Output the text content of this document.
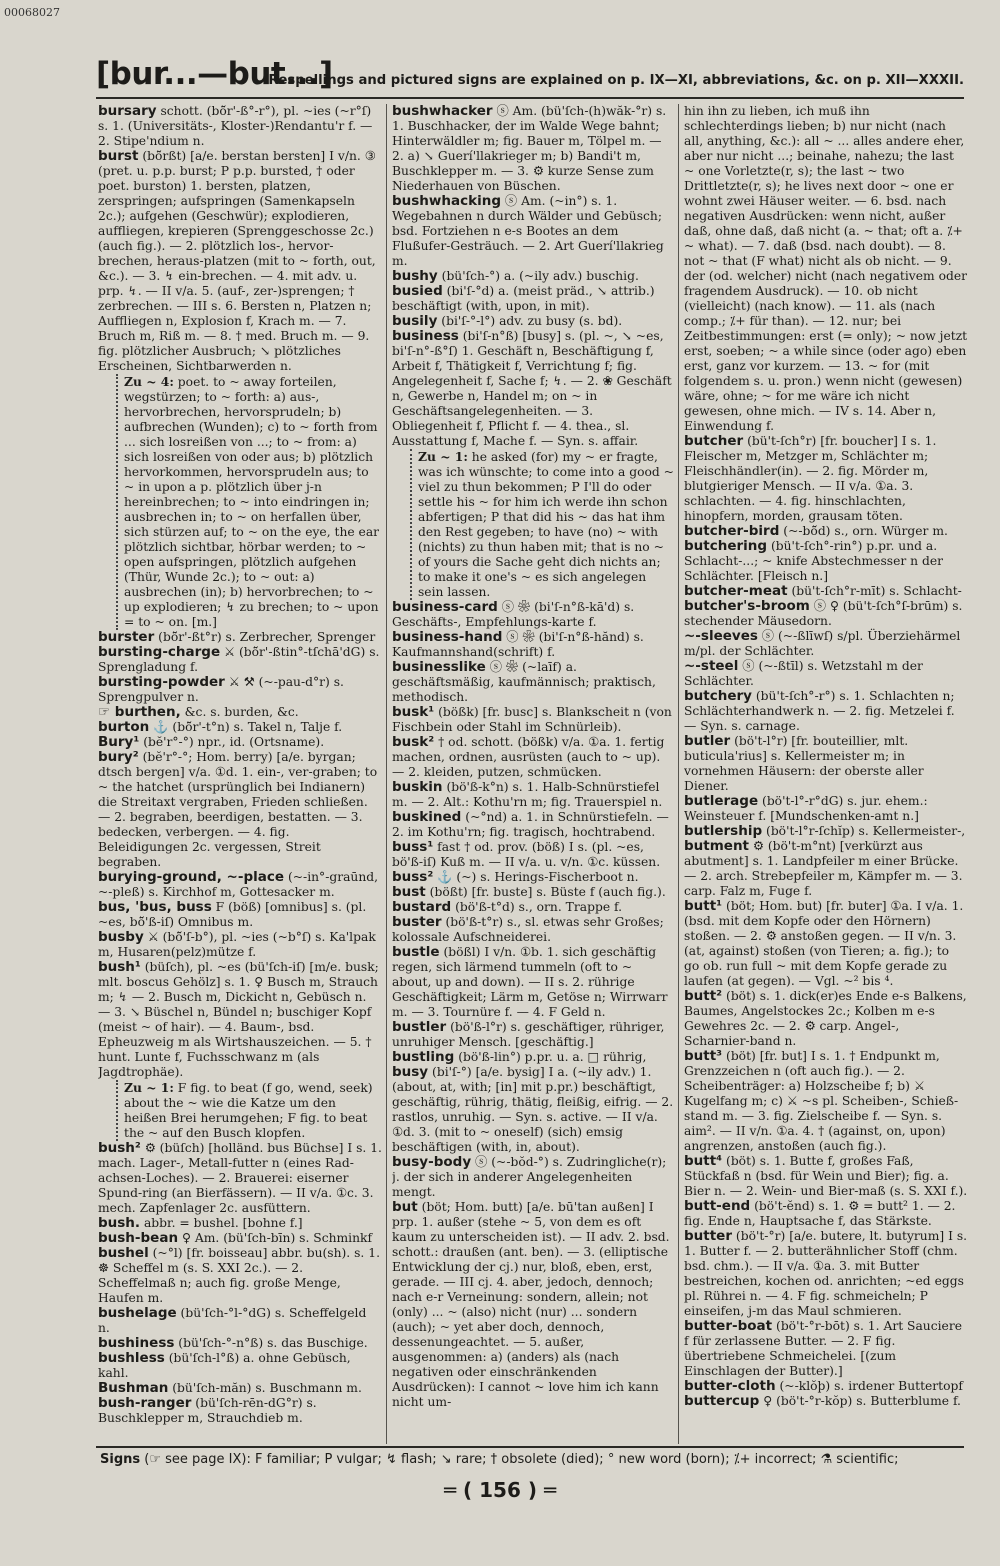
00068027
[bur...—but...]
Respellings and pictured signs are explained on p. IX—XI, abbreviations, &c. on p. XII—XXXII.
bursary schott. (bö̆r'-ß°-r°), pl. ~ies (~r°ſ) s. 1. (Universitäts-, Kloster-)Rendantu'r f. — 2. Stipe'ndium n.
burst (bö̆rßt) [a/e. berstan bersten] I v/n. ③ (pret. u. p.p. burst; P p.p. bursted, † oder poet. burston) 1. bersten, platzen, zerspringen; aufspringen (Samenkapseln 2c.); aufgehen (Geschwür); explodieren, auffliegen, krepieren (Sprenggeschosse 2c.) (auch fig.). — 2. plötzlich los-, hervor-brechen, heraus-platzen (mit to ~ forth, out, &c.). — 3. ↯ ein-brechen. — 4. mit adv. u. prp. ↯. — II v/a. 5. (auf-, zer-)sprengen; † zerbrechen. — III s. 6. Bersten n, Platzen n; Auffliegen n, Explosion f, Krach m. — 7. Bruch m, Riß m. — 8. † med. Bruch m. — 9. fig. plötzlicher Ausbruch; ↘ plötzliches Erscheinen, Sichtbarwerden n.
Zu ~ 4: poet. to ~ away forteilen, wegstürzen; to ~ forth: a) aus-, hervorbrechen, hervorsprudeln; b) aufbrechen (Wunden); c) to ~ forth from ... sich losreißen von ...; to ~ from: a) sich losreißen von oder aus; b) plötzlich hervorkommen, hervorsprudeln aus; to ~ in upon a p. plötzlich über j-n hereinbrechen; to ~ into eindringen in; ausbrechen in; to ~ on herfallen über, sich stürzen auf; to ~ on the eye, the ear plötzlich sichtbar, hörbar werden; to ~ open aufspringen, plötzlich aufgehen (Thür, Wunde 2c.); to ~ out: a) ausbrechen (in); b) hervorbrechen; to ~ up explodieren; ↯ zu brechen; to ~ upon = to ~ on. [m.]
burster (bö̆r'-ßt°r) s. Zerbrecher, Sprenger
bursting-charge ⚔ (bö̆r'-ßtin°-tſchā'dG) s. Sprengladung f.
bursting-powder ⚔ ⚒ (~-pau-d°r) s. Sprengpulver n.
☞ burthen, &c. s. burden, &c.
burton ⚓ (bö̆r'-t°n) s. Takel n, Talje f.
Bury¹ (bĕ'r°-°) npr., id. (Ortsname).
bury² (bĕ'r°-°; Hom. berry) [a/e. byrgan; dtsch bergen] v/a. ①d. 1. ein-, ver-graben; to ~ the hatchet (ursprünglich bei Indianern) die Streitaxt vergraben, Frieden schließen. — 2. begraben, beerdigen, bestatten. — 3. bedecken, verbergen. — 4. fig. Beleidigungen 2c. vergessen, Streit begraben.
burying-ground, ~-place (~-in°-graūnd, ~-pleß) s. Kirchhof m, Gottesacker m.
bus, 'bus, buss F (böß) [omnibus] s. (pl. ~es, bö̆'ß-iſ) Omnibus m.
busby ⚔ (bö̆'ſ-b°), pl. ~ies (~b°ſ) s. Ka'lpak m, Husaren(pelz)mütze f.
bush¹ (büſch), pl. ~es (bü'ſch-iſ) [m/e. busk; mlt. boscus Gehölz] s. 1. ♀ Busch m, Strauch m; ↯ — 2. Busch m, Dickicht n, Gebüsch n. — 3. ↘ Büschel n, Bündel n; buschiger Kopf (meist ~ of hair). — 4. Baum-, bsd. Epheuzweig m als Wirtshauszeichen. — 5. † hunt. Lunte f, Fuchsschwanz m (als Jagdtrophäe).
Zu ~ 1: F fig. to beat (f go, wend, seek) about the ~ wie die Katze um den heißen Brei herumgehen; F fig. to beat the ~ auf den Busch klopfen.
bush² ⚙ (büſch) [holländ. bus Büchse] I s. 1. mach. Lager-, Metall-futter n (eines Rad-achsen-Loches). — 2. Brauerei: eiserner Spund-ring (an Bierfässern). — II v/a. ①c. 3. mech. Zapfenlager 2c. ausfüttern.
bush. abbr. = bushel. [bohne f.]
bush-bean ♀ Am. (bü'ſch-bīn) s. Schminkf
bushel (~°l) [fr. boisseau] abbr. bu(sh). s. 1. ☸ Scheffel m (s. S. XXI 2c.). — 2. Scheffelmaß n; auch fig. große Menge, Haufen m.
bushelage (bü'ſch-°l-°dG) s. Scheffelgeld n.
bushiness (bü'ſch-°-n°ß) s. das Buschige.
bushless (bü'ſch-l°ß) a. ohne Gebüsch, kahl.
Bushman (bü'ſch-măn) s. Buschmann m.
bush-ranger (bü'ſch-rēn-dG°r) s. Buschklepper m, Strauchdieb m.
bushwhacker ⓢ Am. (bü'ſch-(h)wăk-°r) s. 1. Buschhacker, der im Walde Wege bahnt; Hinterwäldler m; fig. Bauer m, Tölpel m. — 2. a) ↘ Guerí'llakrieger m; b) Bandi't m, Buschklepper m. — 3. ⚙ kurze Sense zum Niederhauen von Büschen.
bushwhacking ⓢ Am. (~in°) s. 1. Wegebahnen n durch Wälder und Gebüsch; bsd. Fortziehen n e-s Bootes an dem Flußufer-Gesträuch. — 2. Art Guerí'llakrieg m.
bushy (bü'ſch-°) a. (~ily adv.) buschig.
busied (bi'ſ-°d) a. (meist präd., ↘ attrib.) beschäftigt (with, upon, in mit).
busily (bi'ſ-°-l°) adv. zu busy (s. bd).
business (bi'ſ-n°ß) [busy] s. (pl. ~, ↘ ~es, bi'ſ-n°-ß°ſ) 1. Geschäft n, Beschäftigung f, Arbeit f, Thätigkeit f, Verrichtung f; fig. Angelegenheit f, Sache f; ↯. — 2. ❀ Geschäft n, Gewerbe n, Handel m; on ~ in Geschäftsangelegenheiten. — 3. Obliegenheit f, Pflicht f. — 4. thea., sl. Ausstattung f, Mache f. — Syn. s. affair.
Zu ~ 1: he asked (for) my ~ er fragte, was ich wünschte; to come into a good ~ viel zu thun bekommen; P I'll do oder settle his ~ for him ich werde ihn schon abfertigen; P that did his ~ das hat ihm den Rest gegeben; to have (no) ~ with (nichts) zu thun haben mit; that is no ~ of yours die Sache geht dich nichts an; to make it one's ~ es sich angelegen sein lassen.
business-card ⓢ ❀ (bi'ſ-n°ß-kā'd) s. Geschäfts-, Empfehlungs-karte f.
business-hand ⓢ ❀ (bi'ſ-n°ß-hănd) s. Kaufmannshand(schrift) f.
businesslike ⓢ ❀ (~laīf) a. geschäftsmäßig, kaufmännisch; praktisch, methodisch.
busk¹ (bößk) [fr. busc] s. Blankscheit n (von Fischbein oder Stahl im Schnürleib).
busk² † od. schott. (bößk) v/a. ①a. 1. fertig machen, ordnen, ausrüsten (auch to ~ up). — 2. kleiden, putzen, schmücken.
buskin (bö'ß-k°n) s. 1. Halb-Schnürstiefel m. — 2. Alt.: Kothu'rn m; fig. Trauerspiel n.
buskined (~°nd) a. 1. in Schnürstiefeln. — 2. im Kothu'rn; fig. tragisch, hochtrabend.
buss¹ fast † od. prov. (böß) I s. (pl. ~es, bö'ß-iſ) Kuß m. — II v/a. u. v/n. ①c. küssen.
buss² ⚓ (~) s. Herings-Fischerboot n.
bust (bößt) [fr. buste] s. Büste f (auch fig.).
bustard (bö'ß-t°d) s., orn. Trappe f.
buster (bö'ß-t°r) s., sl. etwas sehr Großes; kolossale Aufschneiderei.
bustle (bößl) I v/n. ①b. 1. sich geschäftig regen, sich lärmend tummeln (oft to ~ about, up and down). — II s. 2. rührige Geschäftigkeit; Lärm m, Getöse n; Wirrwarr m. — 3. Tournüre f. — 4. F Geld n.
bustler (bö'ß-l°r) s. geschäftiger, rühriger, unruhiger Mensch. [geschäftig.]
bustling (bö'ß-lin°) p.pr. u. a. □ rührig,
busy (bi'ſ-°) [a/e. bysig] I a. (~ily adv.) 1. (about, at, with; [in] mit p.pr.) beschäftigt, geschäftig, rührig, thätig, fleißig, eifrig. — 2. rastlos, unruhig. — Syn. s. active. — II v/a. ①d. 3. (mit to ~ oneself) (sich) emsig beschäftigen (with, in, about).
busy-body ⓢ (~-bŏd-°) s. Zudringliche(r); j. der sich in anderer Angelegenheiten mengt.
but (böt; Hom. butt) [a/e. bū'tan außen] I prp. 1. außer (stehe ~ 5, von dem es oft kaum zu unterscheiden ist). — II adv. 2. bsd. schott.: draußen (ant. ben). — 3. (elliptische Entwicklung der cj.) nur, bloß, eben, erst, gerade. — III cj. 4. aber, jedoch, dennoch; nach e-r Verneinung: sondern, allein; not (only) ... ~ (also) nicht (nur) ... sondern (auch); ~ yet aber doch, dennoch, dessenungeachtet. — 5. außer, ausgenommen: a) (anders) als (nach negativen oder einschränkenden Ausdrücken): I cannot ~ love him ich kann nicht um-
hin ihn zu lieben, ich muß ihn schlechterdings lieben; b) nur nicht (nach all, anything, &c.): all ~ ... alles andere eher, aber nur nicht ...; beinahe, nahezu; the last ~ one Vorletzte(r, s); the last ~ two Drittletzte(r, s); he lives next door ~ one er wohnt zwei Häuser weiter. — 6. bsd. nach negativen Ausdrücken: wenn nicht, außer daß, ohne daß, daß nicht (a. ~ that; oft a. ⁒+ ~ what). — 7. daß (bsd. nach doubt). — 8. not ~ that (F what) nicht als ob nicht. — 9. der (od. welcher) nicht (nach negativem oder fragendem Ausdruck). — 10. ob nicht (vielleicht) (nach know). — 11. als (nach comp.; ⁒+ für than). — 12. nur; bei Zeitbestimmungen: erst (= only); ~ now jetzt erst, soeben; ~ a while since (oder ago) eben erst, ganz vor kurzem. — 13. ~ for (mit folgendem s. u. pron.) wenn nicht (gewesen) wäre, ohne; ~ for me wäre ich nicht gewesen, ohne mich. — IV s. 14. Aber n, Einwendung f.
butcher (bü't-ſch°r) [fr. boucher] I s. 1. Fleischer m, Metzger m, Schlächter m; Fleischhändler(in). — 2. fig. Mörder m, blutgieriger Mensch. — II v/a. ①a. 3. schlachten. — 4. fig. hinschlachten, hinopfern, morden, grausam töten.
butcher-bird (~-bö̆d) s., orn. Würger m.
butchering (bü't-ſch°-rin°) p.pr. und a. Schlacht-...; ~ knife Abstechmesser n der Schlächter. [Fleisch n.]
butcher-meat (bü't-ſch°r-mīt) s. Schlacht-
butcher's-broom ⓢ ♀ (bü't-ſch°ſ-brūm) s. stechender Mäusedorn.
~-sleeves ⓢ (~-ßlīwſ) s/pl. Überziehärmel m/pl. der Schlächter.
~-steel ⓢ (~-ßtīl) s. Wetzstahl m der Schlächter.
butchery (bü't-ſch°-r°) s. 1. Schlachten n; Schlächterhandwerk n. — 2. fig. Metzelei f. — Syn. s. carnage.
butler (bö't-l°r) [fr. bouteillier, mlt. buticula'rius] s. Kellermeister m; in vornehmen Häusern: der oberste aller Diener.
butlerage (bö't-l°-r°dG) s. jur. ehem.: Weinsteuer f. [Mundschenken-amt n.]
butlership (bö't-l°r-ſchĭp) s. Kellermeister-,
butment ⚙ (bö't-m°nt) [verkürzt aus abutment] s. 1. Landpfeiler m einer Brücke. — 2. arch. Strebepfeiler m, Kämpfer m. — 3. carp. Falz m, Fuge f.
butt¹ (böt; Hom. but) [fr. buter] ①a. I v/a. 1. (bsd. mit dem Kopfe oder den Hörnern) stoßen. — 2. ⚙ anstoßen gegen. — II v/n. 3. (at, against) stoßen (von Tieren; a. fig.); to go ob. run full ~ mit dem Kopfe gerade zu laufen (at gegen). — Vgl. ~² bis ⁴.
butt² (böt) s. 1. dick(er)es Ende e-s Balkens, Baumes, Angelstockes 2c.; Kolben m e-s Gewehres 2c. — 2. ⚙ carp. Angel-, Scharnier-band n.
butt³ (böt) [fr. but] I s. 1. † Endpunkt m, Grenzzeichen n (oft auch fig.). — 2. Scheibenträger: a) Holzscheibe f; b) ⚔ Kugelfang m; c) ⚔ ~s pl. Scheiben-, Schieß-stand m. — 3. fig. Zielscheibe f. — Syn. s. aim². — II v/n. ①a. 4. † (against, on, upon) angrenzen, anstoßen (auch fig.).
butt⁴ (böt) s. 1. Butte f, großes Faß, Stückfaß n (bsd. für Wein und Bier); fig. a. Bier n. — 2. Wein- und Bier-maß (s. S. XXI f.).
butt-end (bö't-ĕnd) s. 1. ⚙ = butt² 1. — 2. fig. Ende n, Hauptsache f, das Stärkste.
butter (bö't-°r) [a/e. butere, lt. butyrum] I s. 1. Butter f. — 2. butterähnlicher Stoff (chm. bsd. chm.). — II v/a. ①a. 3. mit Butter bestreichen, kochen od. anrichten; ~ed eggs pl. Rührei n. — 4. F fig. schmeicheln; P einseifen, j-m das Maul schmieren.
butter-boat (bö't-°r-bōt) s. 1. Art Sauciere f für zerlassene Butter. — 2. F fig. übertriebene Schmeichelei. [(zum Einschlagen der Butter).]
butter-cloth (~-klŏþ) s. irdener Buttertopf
buttercup ♀ (bö't-°r-kŏp) s. Butterblume f.
Signs (☞ see page IX): F familiar; P vulgar; ↯ flash; ↘ rare; † obsolete (died); ° new word (born); ⁒+ incorrect; ⚗ scientific;
═ ( 156 ) ═
